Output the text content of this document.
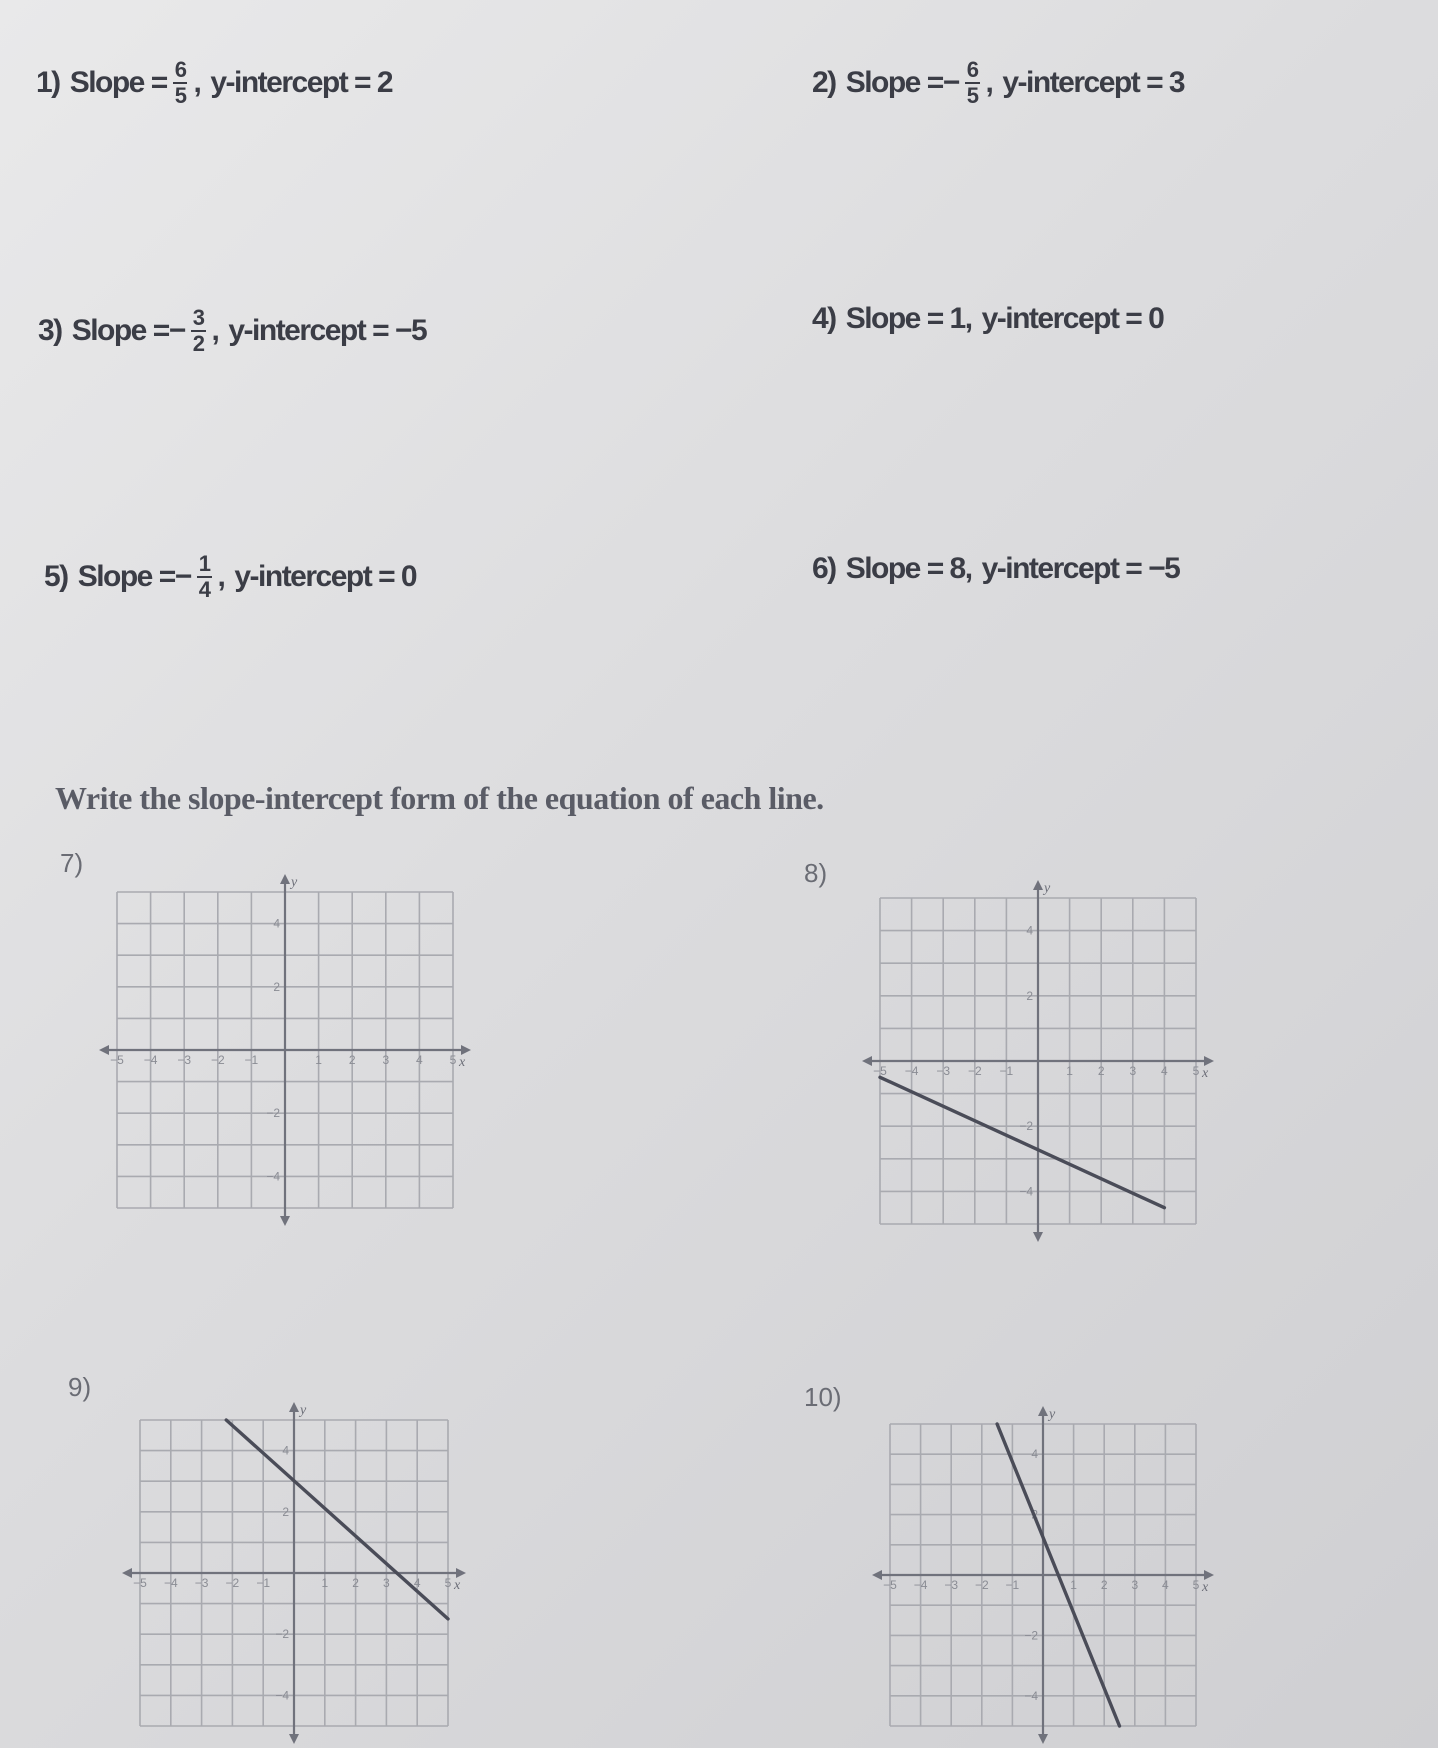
1) Slope = $\frac{6}{5}$ , y-intercept = 2	2) Slope = − $\frac{6}{5}$ , y-intercept = 3
3) Slope = − $\frac{3}{2}$ , y-intercept = −5	4) Slope = 1, y-intercept = 0
5) Slope = − $\frac{1}{4}$ , y-intercept = 0	6) Slope = 8, y-intercept = −5
Write the slope-intercept form of the equation of each line.
7)	8)
9)	10)
−5 −4 −3 −2 −1	1 2 3 4 5
4
2
−2
−4
x
y
−5 −4 −3 −2 −1	1 2 3 4 5
4
2
−2
−4
x
y
−5 −4 −3 −2 −1	1 2 3 4 5
4
2
−2
−4
x
y
−5 −4 −3 −2 −1	1 2 3 4 5
4
2
−2
−4
x
y
